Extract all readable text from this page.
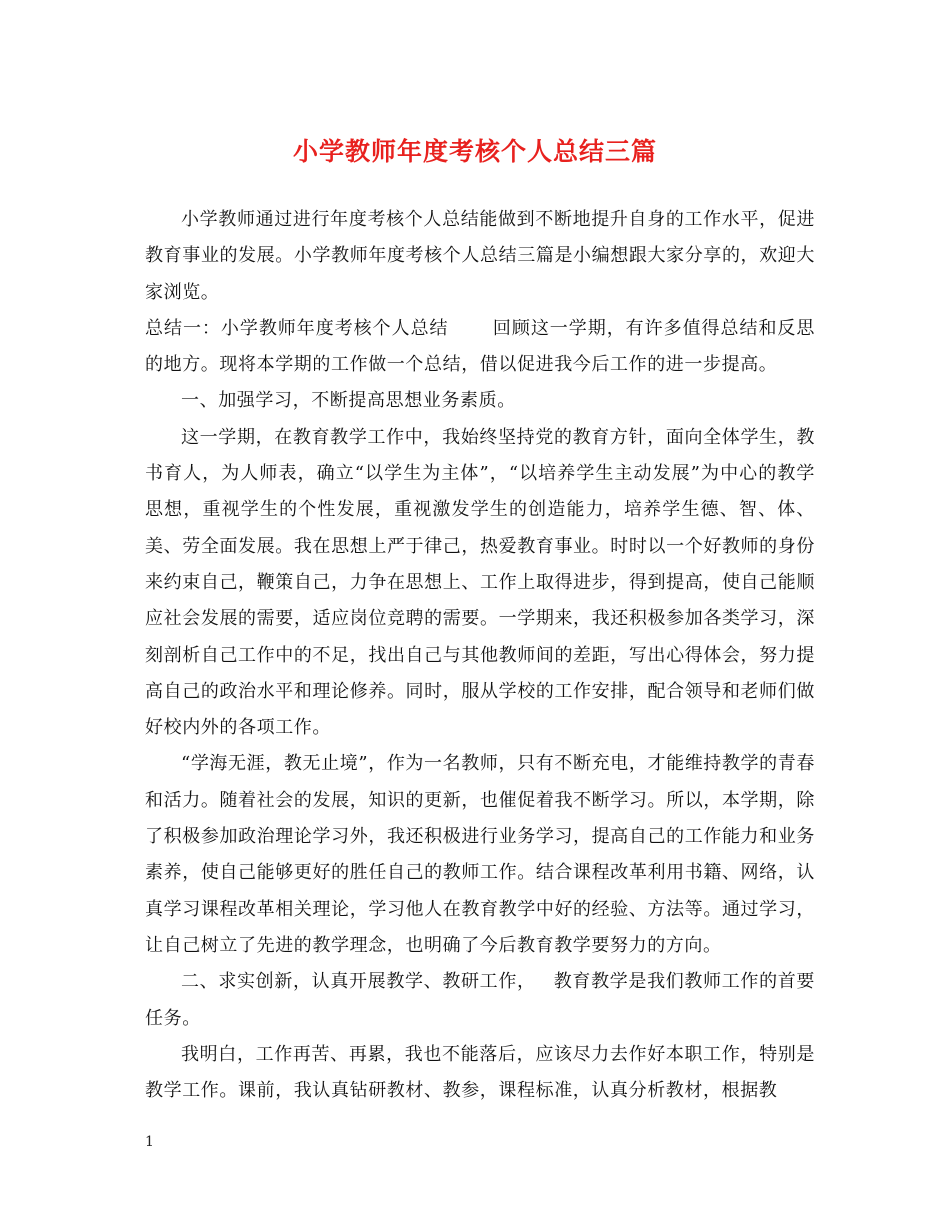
小学教师年度考核个人总结三篇

小学教师通过进行年度考核个人总结能做到不断地提升自身的工作水平，促进教育事业的发展。小学教师年度考核个人总结三篇是小编想跟大家分享的，欢迎大家浏览。

总结一：小学教师年度考核个人总结 回顾这一学期，有许多值得总结和反思的地方。现将本学期的工作做一个总结，借以促进我今后工作的进一步提高。

一、加强学习，不断提高思想业务素质。

这一学期，在教育教学工作中，我始终坚持党的教育方针，面向全体学生，教书育人，为人师表，确立“以学生为主体”，“以培养学生主动发展”为中心的教学思想，重视学生的个性发展，重视激发学生的创造能力，培养学生德、智、体、美、劳全面发展。我在思想上严于律己，热爱教育事业。时时以一个好教师的身份来约束自己，鞭策自己，力争在思想上、工作上取得进步，得到提高，使自己能顺应社会发展的需要，适应岗位竞聘的需要。一学期来，我还积极参加各类学习，深刻剖析自己工作中的不足，找出自己与其他教师间的差距，写出心得体会，努力提高自己的政治水平和理论修养。同时，服从学校的工作安排，配合领导和老师们做好校内外的各项工作。

“学海无涯，教无止境”，作为一名教师，只有不断充电，才能维持教学的青春和活力。随着社会的发展，知识的更新，也催促着我不断学习。所以，本学期，除了积极参加政治理论学习外，我还积极进行业务学习，提高自己的工作能力和业务素养，使自己能够更好的胜任自己的教师工作。结合课程改革利用书籍、网络，认真学习课程改革相关理论，学习他人在教育教学中好的经验、方法等。通过学习，让自己树立了先进的教学理念，也明确了今后教育教学要努力的方向。

二、求实创新，认真开展教学、教研工作， 教育教学是我们教师工作的首要任务。

我明白，工作再苦、再累，我也不能落后，应该尽力去作好本职工作，特别是教学工作。课前，我认真钻研教材、教参，课程标准，认真分析教材，根据教

1
